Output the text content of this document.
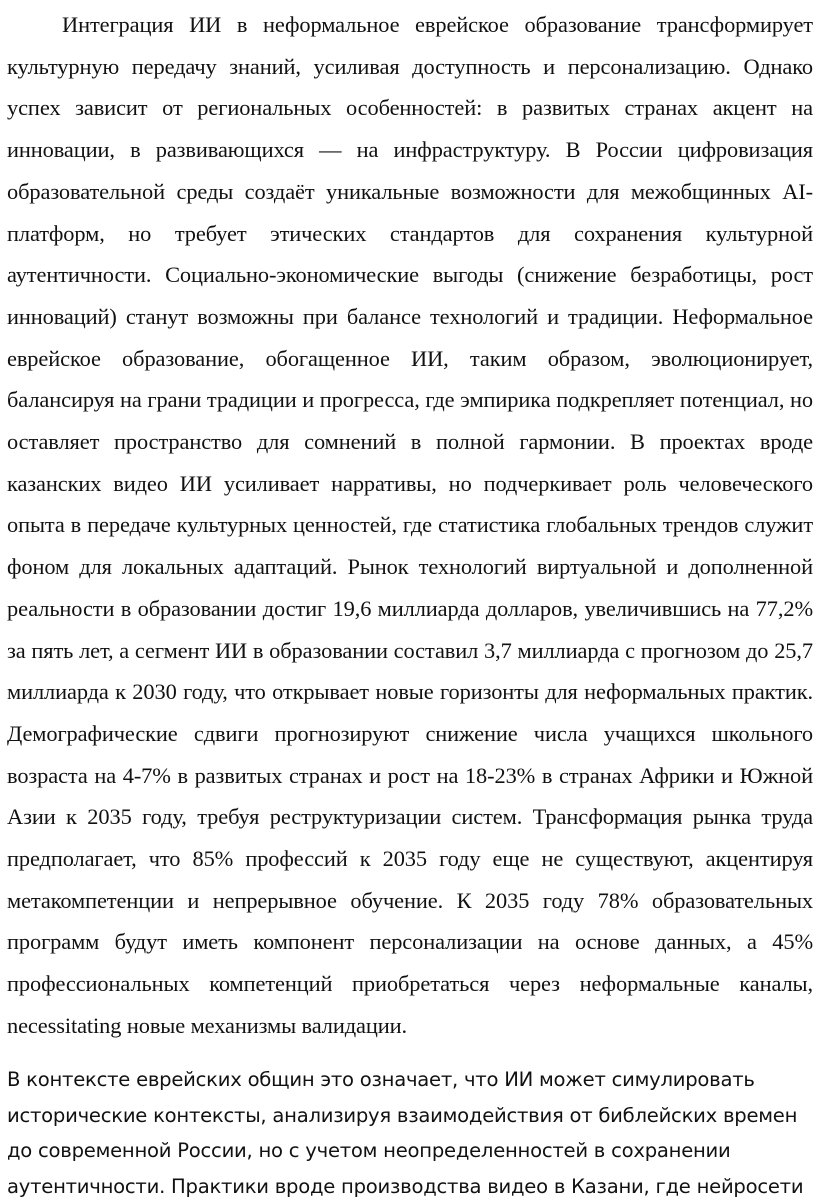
Интеграция ИИ в неформальное еврейское образование трансформирует культурную передачу знаний, усиливая доступность и персонализацию. Однако успех зависит от региональных особенностей: в развитых странах акцент на инновации, в развивающихся — на инфраструктуру. В России цифровизация образовательной среды создаёт уникальные возможности для межобщинных AI-платформ, но требует этических стандартов для сохранения культурной аутентичности. Социально-экономические выгоды (снижение безработицы, рост инноваций) станут возможны при балансе технологий и традиции. Неформальное еврейское образование, обогащенное ИИ, таким образом, эволюционирует, балансируя на грани традиции и прогресса, где эмпирика подкрепляет потенциал, но оставляет пространство для сомнений в полной гармонии. В проектах вроде казанских видео ИИ усиливает нарративы, но подчеркивает роль человеческого опыта в передаче культурных ценностей, где статистика глобальных трендов служит фоном для локальных адаптаций. Рынок технологий виртуальной и дополненной реальности в образовании достиг 19,6 миллиарда долларов, увеличившись на 77,2% за пять лет, а сегмент ИИ в образовании составил 3,7 миллиарда с прогнозом до 25,7 миллиарда к 2030 году, что открывает новые горизонты для неформальных практик. Демографические сдвиги прогнозируют снижение числа учащихся школьного возраста на 4-7% в развитых странах и рост на 18-23% в странах Африки и Южной Азии к 2035 году, требуя реструктуризации систем. Трансформация рынка труда предполагает, что 85% профессий к 2035 году еще не существуют, акцентируя метакомпетенции и непрерывное обучение. К 2035 году 78% образовательных программ будут иметь компонент персонализации на основе данных, а 45% профессиональных компетенций приобретаться через неформальные каналы, necessitating новые механизмы валидации.

В контексте еврейских общин это означает, что ИИ может симулировать исторические контексты, анализируя взаимодействия от библейских времен до современной России, но с учетом неопределенностей в сохранении аутентичности. Практики вроде производства видео в Казани, где нейросети
